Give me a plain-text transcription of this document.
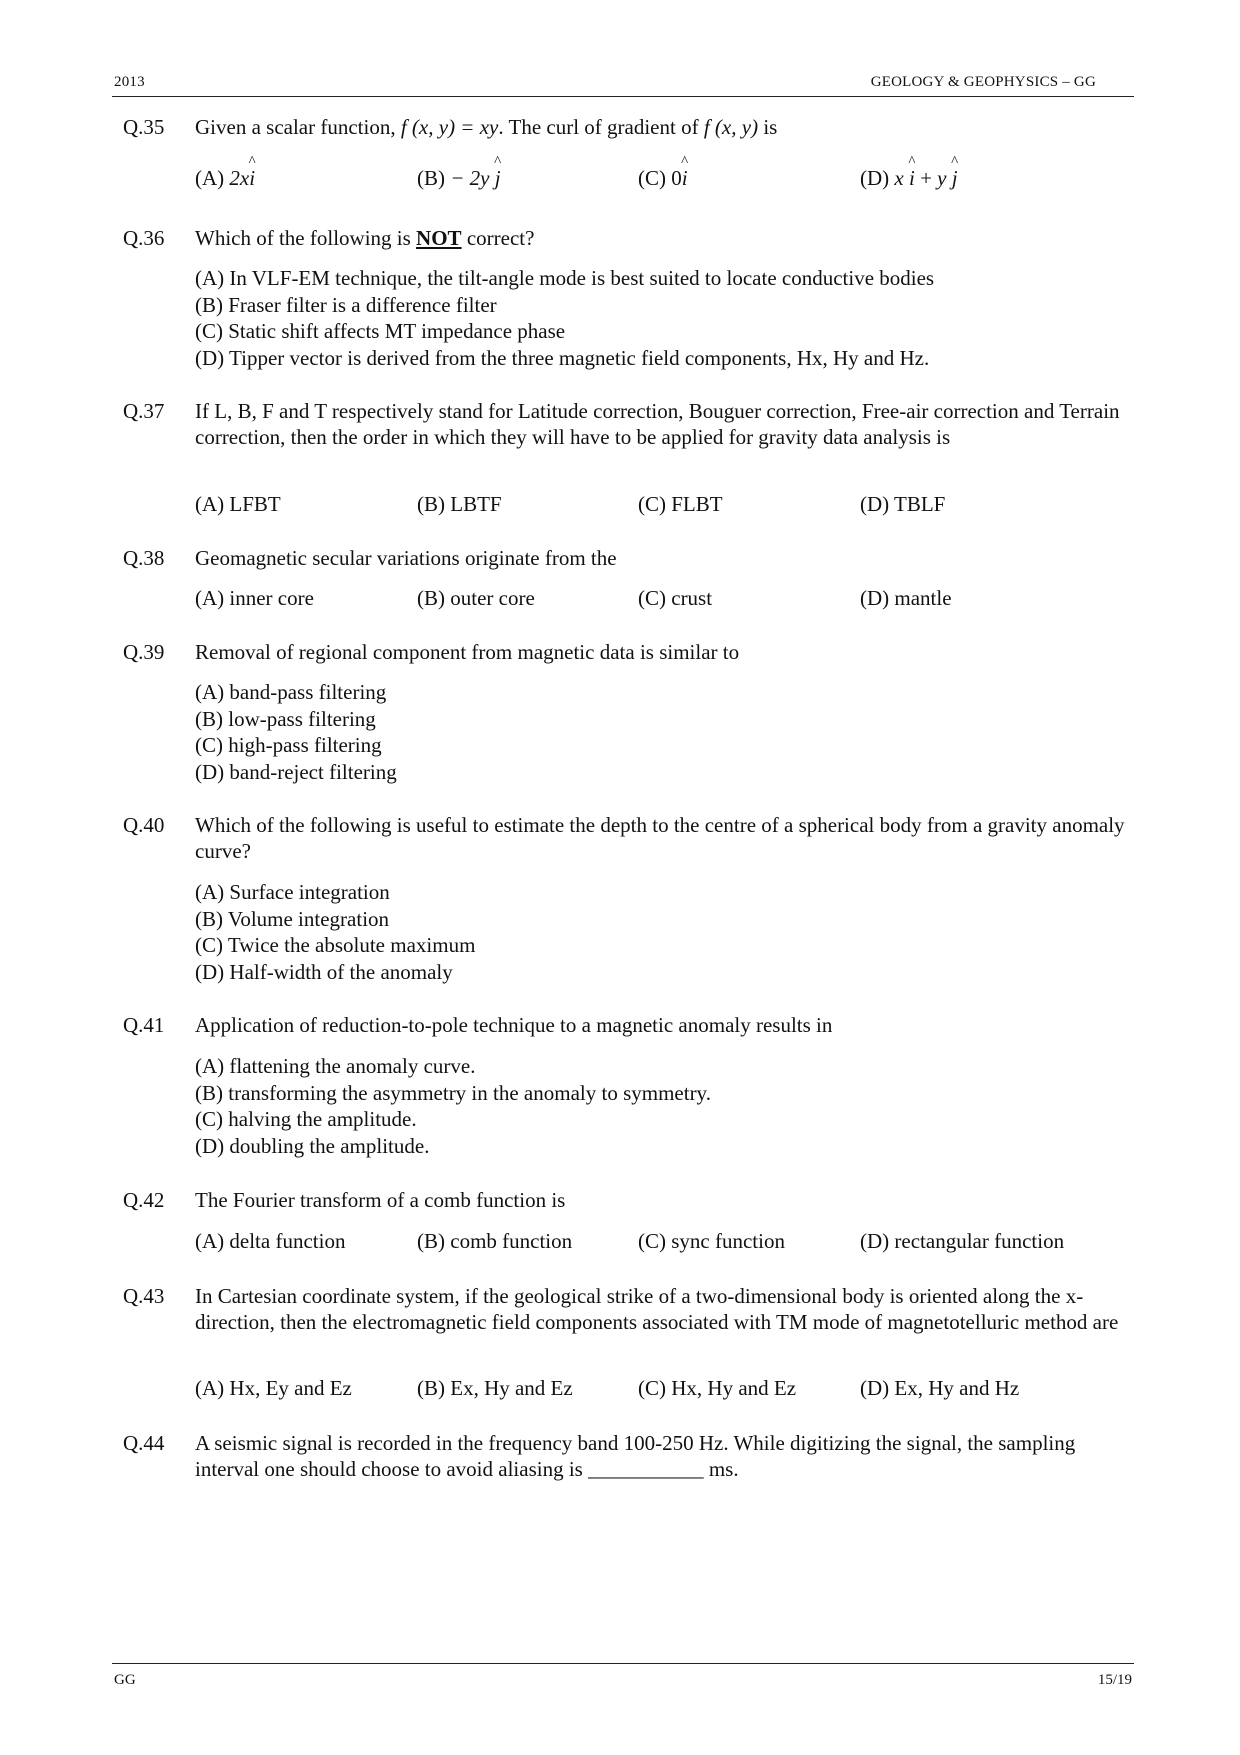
2013	GEOLOGY & GEOPHYSICS – GG
Q.35 Given a scalar function, f (x, y) = xy. The curl of gradient of f (x, y) is
(A) 2x^ i	(B) − 2y ^ j	(C) 0^ i	(D) x ^ i + y ^ j
Q.36 Which of the following is NOT correct?
(A) In VLF-EM technique, the tilt-angle mode is best suited to locate conductive bodies
(B) Fraser filter is a difference filter
(C) Static shift affects MT impedance phase
(D) Tipper vector is derived from the three magnetic field components, Hx, Hy and Hz.
Q.37 If L, B, F and T respectively stand for Latitude correction, Bouguer correction, Free-air correction and Terrain correction, then the order in which they will have to be applied for gravity data analysis is
(A) LFBT	(B) LBTF	(C) FLBT	(D) TBLF
Q.38 Geomagnetic secular variations originate from the
(A) inner core	(B) outer core	(C) crust	(D) mantle
Q.39 Removal of regional component from magnetic data is similar to
(A) band-pass filtering
(B) low-pass filtering
(C) high-pass filtering
(D) band-reject filtering
Q.40 Which of the following is useful to estimate the depth to the centre of a spherical body from a gravity anomaly curve?
(A) Surface integration
(B) Volume integration
(C) Twice the absolute maximum
(D) Half-width of the anomaly
Q.41 Application of reduction-to-pole technique to a magnetic anomaly results in
(A) flattening the anomaly curve.
(B) transforming the asymmetry in the anomaly to symmetry.
(C) halving the amplitude.
(D) doubling the amplitude.
Q.42 The Fourier transform of a comb function is
(A) delta function	(B) comb function	(C) sync function	(D) rectangular function
Q.43 In Cartesian coordinate system, if the geological strike of a two-dimensional body is oriented along the x-direction, then the electromagnetic field components associated with TM mode of magnetotelluric method are
(A) Hx, Ey and Ez	(B) Ex, Hy and Ez	(C) Hx, Hy and Ez	(D) Ex, Hy and Hz
Q.44 A seismic signal is recorded in the frequency band 100-250 Hz. While digitizing the signal, the sampling interval one should choose to avoid aliasing is ___________ ms.
GG	15/19
